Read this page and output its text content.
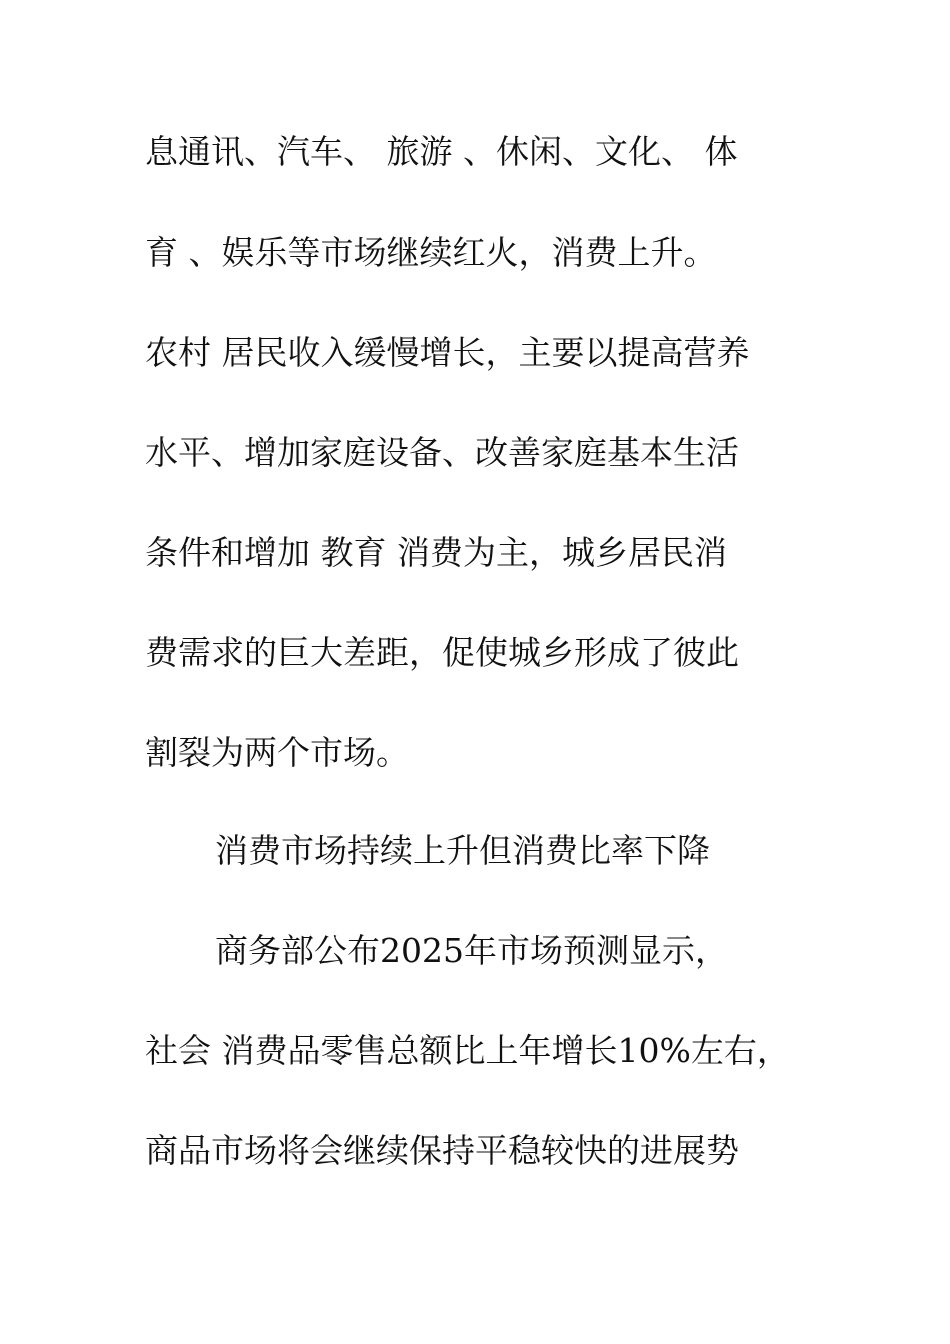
息通讯、汽车、 旅游 、休闲、文化、 体
育 、娱乐等市场继续红火，消费上升。
农村 居民收入缓慢增长，主要以提高营养
水平、增加家庭设备、改善家庭基本生活
条件和增加 教育 消费为主，城乡居民消
费需求的巨大差距，促使城乡形成了彼此
割裂为两个市场。
消费市场持续上升但消费比率下降
商务部公布2025年市场预测显示，
社会 消费品零售总额比上年增长10%左右，
商品市场将会继续保持平稳较快的进展势
